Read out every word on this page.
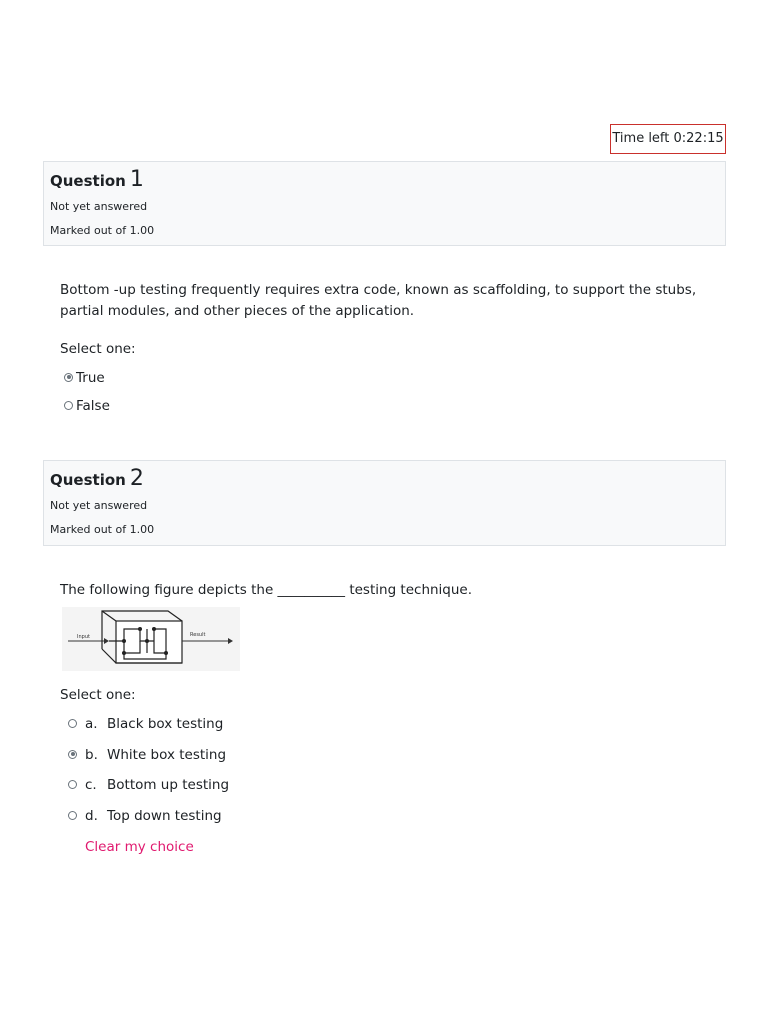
Time left 0:22:15
Question 1
Not yet answered
Marked out of 1.00
Bottom -up testing frequently requires extra code, known as scaffolding, to support the stubs, partial modules, and other pieces of the application.
Select one:
True
False
Question 2
Not yet answered
Marked out of 1.00
The following figure depicts the __________ testing technique.
Input	Result
Select one:
a. Black box testing
b. White box testing
c. Bottom up testing
d. Top down testing
Clear my choice
